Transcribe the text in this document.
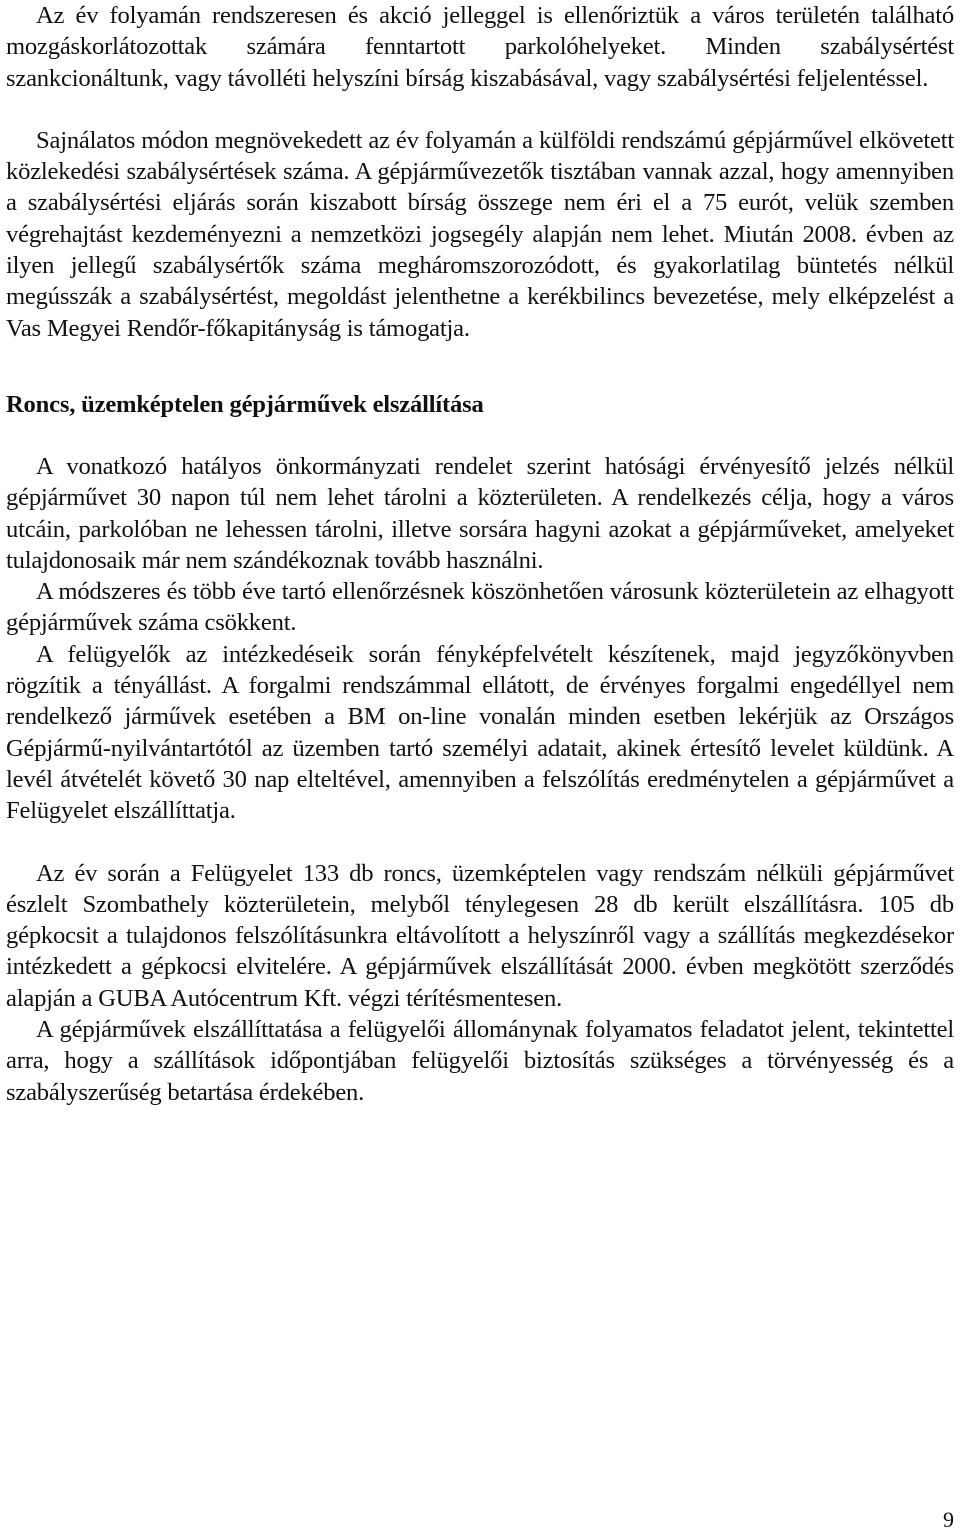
Az év folyamán rendszeresen és akció jelleggel is ellenőriztük a város területén található mozgáskorlátozottak számára fenntartott parkolóhelyeket. Minden szabálysértést szankcionáltunk, vagy távolléti helyszíni bírság kiszabásával, vagy szabálysértési feljelentéssel.

Sajnálatos módon megnövekedett az év folyamán a külföldi rendszámú gépjárművel elkövetett közlekedési szabálysértések száma. A gépjárművezetők tisztában vannak azzal, hogy amennyiben a szabálysértési eljárás során kiszabott bírság összege nem éri el a 75 eurót, velük szemben végrehajtást kezdeményezni a nemzetközi jogsegély alapján nem lehet. Miután 2008. évben az ilyen jellegű szabálysértők száma megháromszorozódott, és gyakorlatilag büntetés nélkül megússzák a szabálysértést, megoldást jelenthetne a kerékbilincs bevezetése, mely elképzelést a Vas Megyei Rendőr-főkapitányság is támogatja.

Roncs, üzemképtelen gépjárművek elszállítása

A vonatkozó hatályos önkormányzati rendelet szerint hatósági érvényesítő jelzés nélkül gépjárművet 30 napon túl nem lehet tárolni a közterületen. A rendelkezés célja, hogy a város utcáin, parkolóban ne lehessen tárolni, illetve sorsára hagyni azokat a gépjárműveket, amelyeket tulajdonosaik már nem szándékoznak tovább használni.

A módszeres és több éve tartó ellenőrzésnek köszönhetően városunk közterületein az elhagyott gépjárművek száma csökkent.

A felügyelők az intézkedéseik során fényképfelvételt készítenek, majd jegyzőkönyvben rögzítik a tényállást. A forgalmi rendszámmal ellátott, de érvényes forgalmi engedéllyel nem rendelkező járművek esetében a BM on-line vonalán minden esetben lekérjük az Országos Gépjármű-nyilvántartótól az üzemben tartó személyi adatait, akinek értesítő levelet küldünk. A levél átvételét követő 30 nap elteltével, amennyiben a felszólítás eredménytelen a gépjárművet a Felügyelet elszállíttatja.

Az év során a Felügyelet 133 db roncs, üzemképtelen vagy rendszám nélküli gépjárművet észlelt Szombathely közterületein, melyből ténylegesen 28 db került elszállításra. 105 db gépkocsit a tulajdonos felszólításunkra eltávolított a helyszínről vagy a szállítás megkezdésekor intézkedett a gépkocsi elvitelére. A gépjárművek elszállítását 2000. évben megkötött szerződés alapján a GUBA Autócentrum Kft. végzi térítésmentesen.

A gépjárművek elszállíttatása a felügyelői állománynak folyamatos feladatot jelent, tekintettel arra, hogy a szállítások időpontjában felügyelői biztosítás szükséges a törvényesség és a szabályszerűség betartása érdekében.

9
